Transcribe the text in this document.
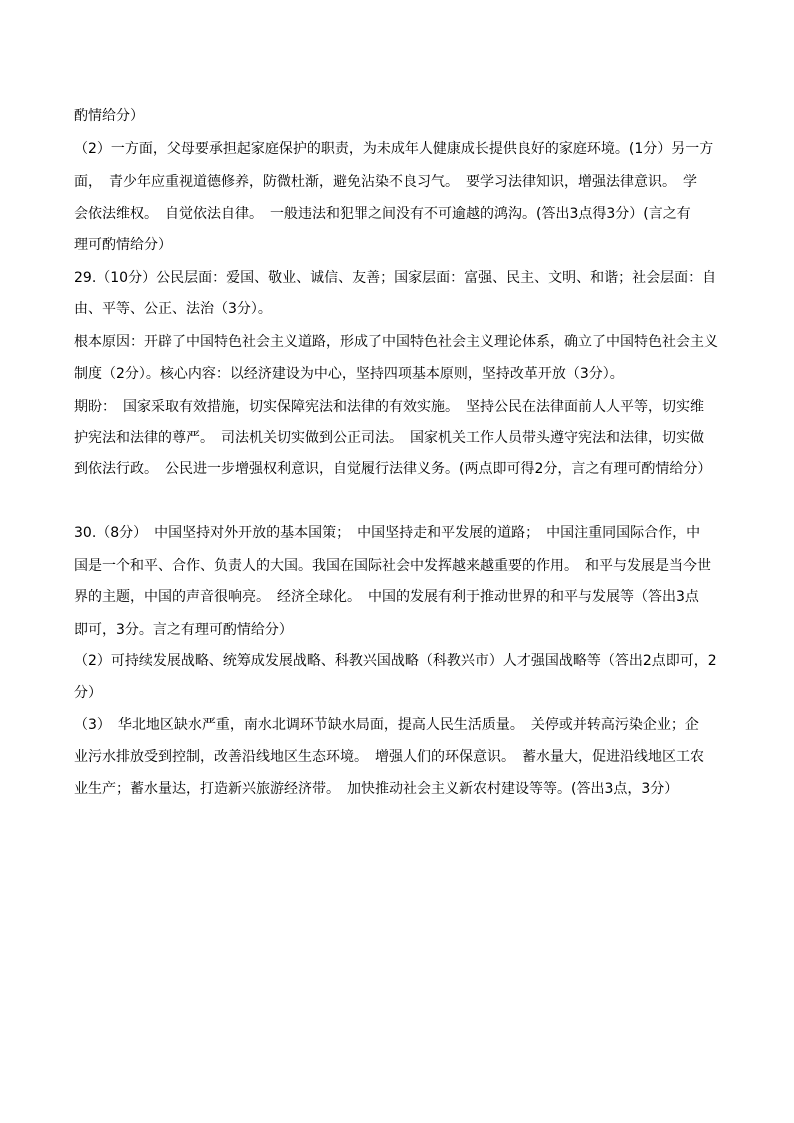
酌情给分）
（2）一方面，父母要承担起家庭保护的职责，为未成年人健康成长提供良好的家庭环境。(1分）另一方
面，　青少年应重视道德修养，防微杜渐，避免沾染不良习气。　要学习法律知识，增强法律意识。　学
会依法维权。　自觉依法自律。　一般违法和犯罪之间没有不可逾越的鸿沟。(答出3点得3分）(言之有
理可酌情给分）
29.（10分）公民层面：爱国、敬业、诚信、友善；国家层面：富强、民主、文明、和谐；社会层面：自
由、平等、公正、法治（3分）。
根本原因：开辟了中国特色社会主义道路，形成了中国特色社会主义理论体系，确立了中国特色社会主义
制度（2分）。核心内容：以经济建设为中心，坚持四项基本原则，坚持改革开放（3分）。
期盼：　国家采取有效措施，切实保障宪法和法律的有效实施。　坚持公民在法律面前人人平等，切实维
护宪法和法律的尊严。　司法机关切实做到公正司法。　国家机关工作人员带头遵守宪法和法律，切实做
到依法行政。　公民进一步增强权利意识，自觉履行法律义务。(两点即可得2分，言之有理可酌情给分）
30.（8分）　中国坚持对外开放的基本国策；　中国坚持走和平发展的道路；　中国注重同国际合作，中
国是一个和平、合作、负责人的大国。我国在国际社会中发挥越来越重要的作用。　和平与发展是当今世
界的主题，中国的声音很响亮。　经济全球化。　中国的发展有利于推动世界的和平与发展等（答出3点
即可，3分。言之有理可酌情给分）
（2）可持续发展战略、统筹成发展战略、科教兴国战略（科教兴市）人才强国战略等（答出2点即可，2
分）
（3）　华北地区缺水严重，南水北调环节缺水局面，提高人民生活质量。　关停或并转高污染企业；企
业污水排放受到控制，改善沿线地区生态环境。　增强人们的环保意识。　蓄水量大，促进沿线地区工农
业生产；蓄水量达，打造新兴旅游经济带。　加快推动社会主义新农村建设等等。(答出3点，3分）
